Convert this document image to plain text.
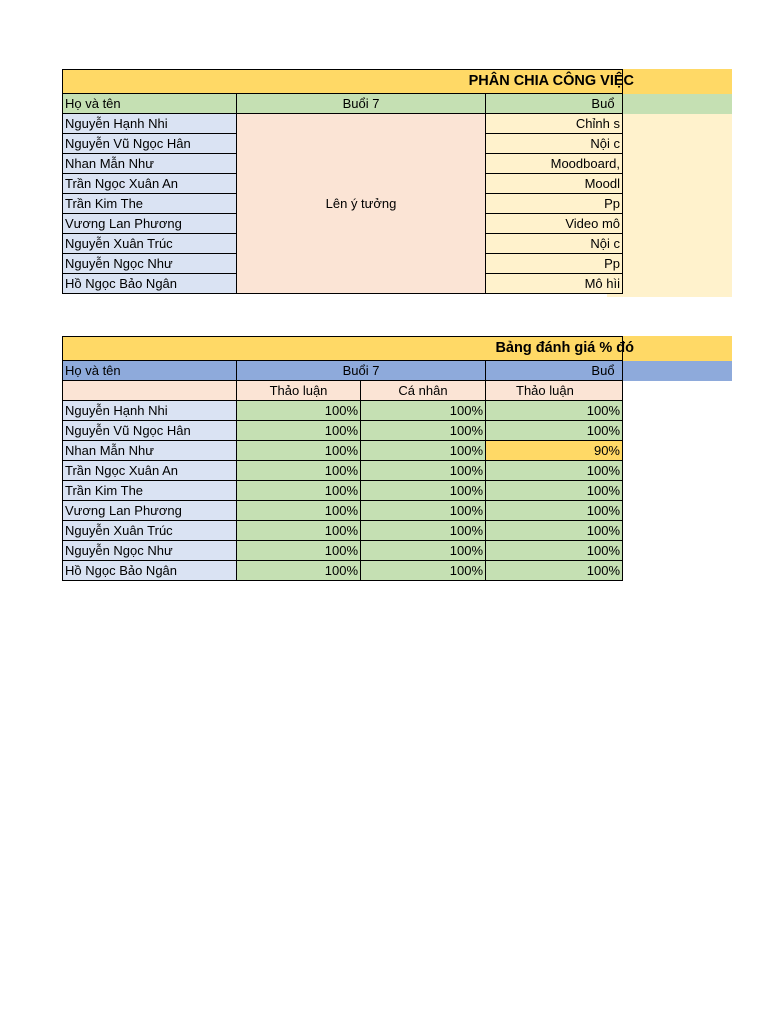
PHÂN CHIA CÔNG VIỆC		
Họ và tên	Buổi 7	Buổ
Nguyễn Hạnh Nhi	Lên ý tưởng	Chỉnh s
Nguyễn Vũ Ngọc Hân		Nội c
Nhan Mẫn Như		Moodboard,
Trần Ngọc Xuân An		Moodl
Trần Kim The		Pp
Vương Lan Phương		Video mô
Nguyễn Xuân Trúc		Nội c
Nguyễn Ngọc Như		Pp
Hồ Ngọc Bảo Ngân		Mô hìi
Bảng đánh giá % đó			
Họ và tên	Buổi 7		Buổ
	Thảo luận	Cá nhân	Thảo luận
Nguyễn Hạnh Nhi	100%	100%	100%
Nguyễn Vũ Ngọc Hân	100%	100%	100%
Nhan Mẫn Như	100%	100%	90%
Trần Ngọc Xuân An	100%	100%	100%
Trần Kim The	100%	100%	100%
Vương Lan Phương	100%	100%	100%
Nguyễn Xuân Trúc	100%	100%	100%
Nguyễn Ngọc Như	100%	100%	100%
Hồ Ngọc Bảo Ngân	100%	100%	100%
